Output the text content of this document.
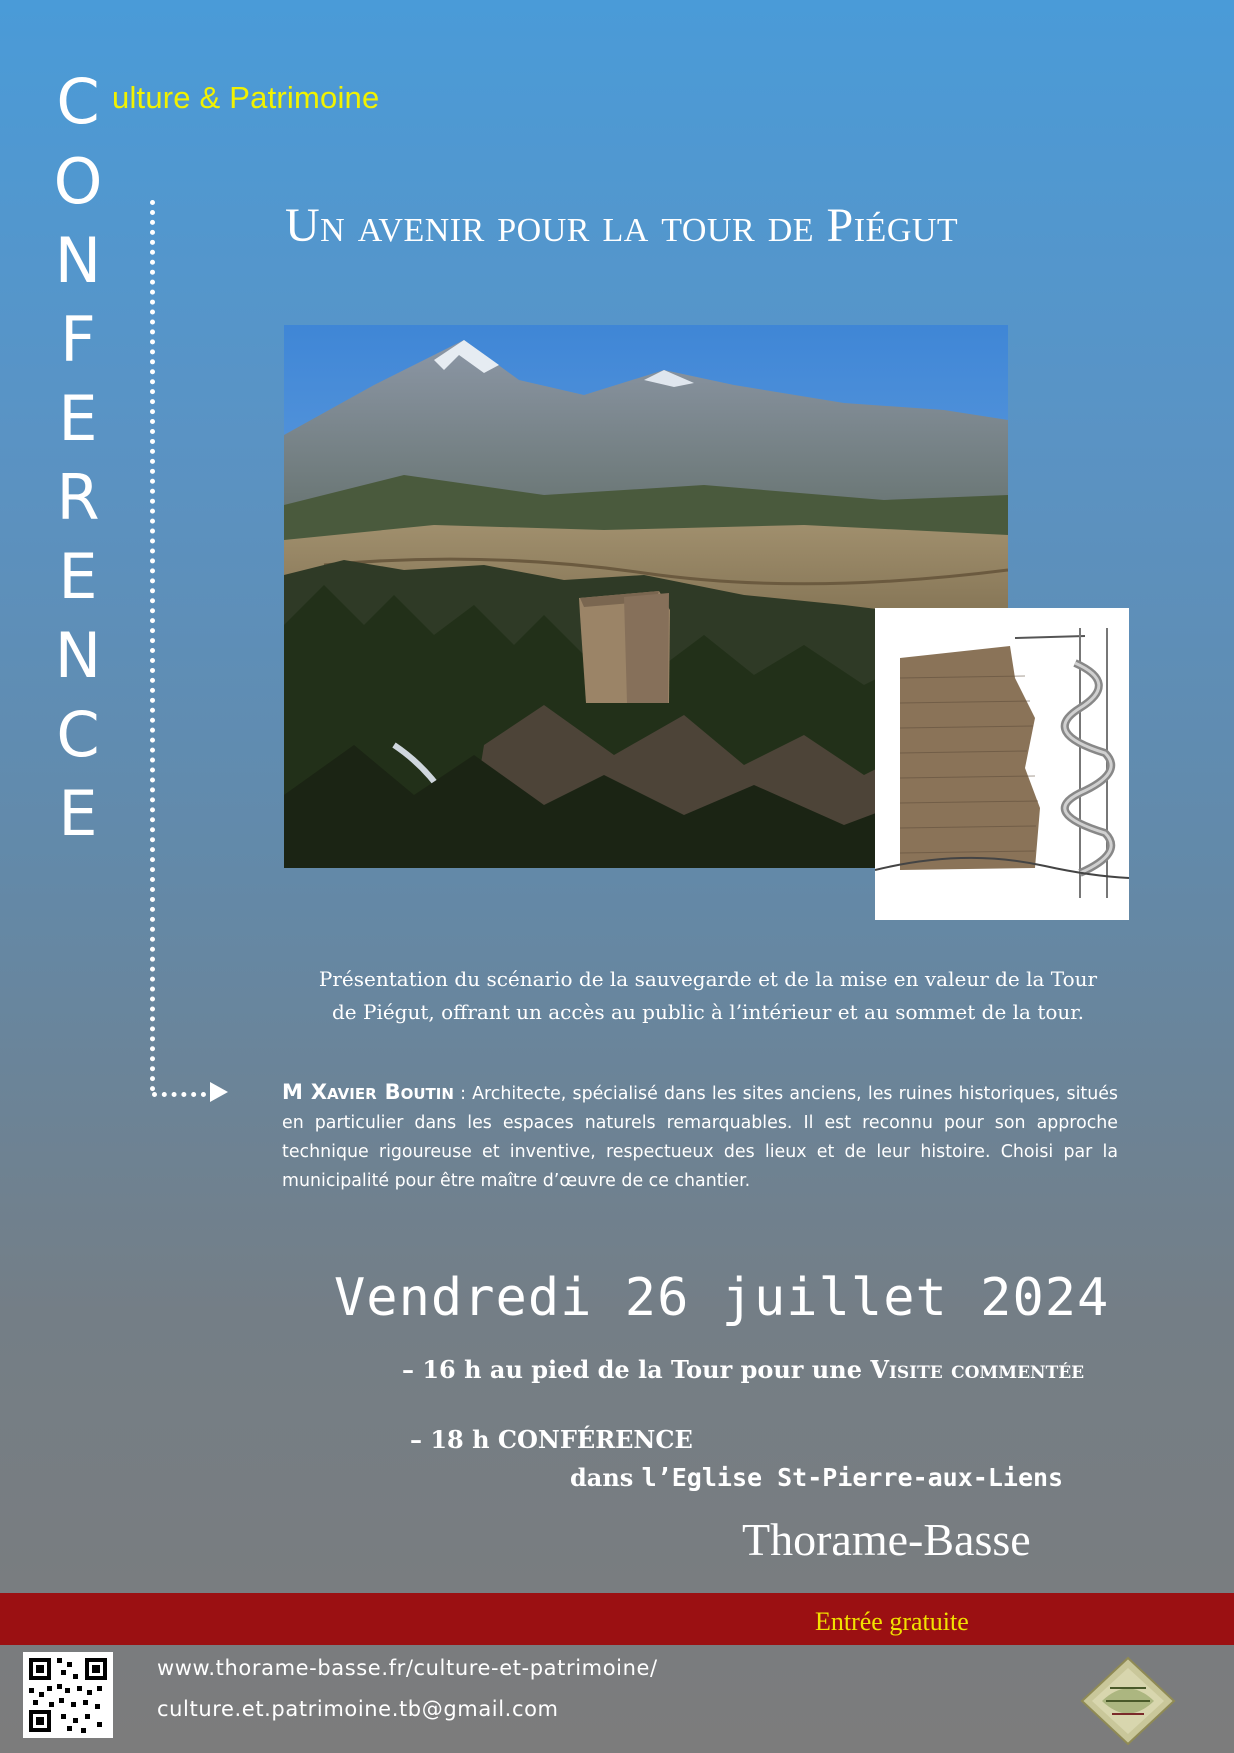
C ulture & Patrimoine
O
N
F
E
R
E
N
C
E
Un avenir pour la tour de Piégut

Présentation du scénario de la sauvegarde et de la mise en valeur de la Tour

de Piégut, offrant un accès au public à l’intérieur et au sommet de la tour.

M Xavier Boutin : Architecte, spécialisé dans les sites anciens, les ruines historiques, situés en particulier dans les espaces naturels remarquables. Il est reconnu pour son approche technique rigoureuse et inventive, respectueux des lieux et de leur histoire. Choisi par la municipalité pour être maître d’œuvre de ce chantier.

Vendredi 26 juillet 2024
– 16 h au pied de la Tour pour une Visite commentée
– 18 h CONFÉRENCE
dans l’Eglise St-Pierre-aux-Liens
Thorame-Basse
Entrée gratuite
www.thorame-basse.fr/culture-et-patrimoine/
culture.et.patrimoine.tb@gmail.com
